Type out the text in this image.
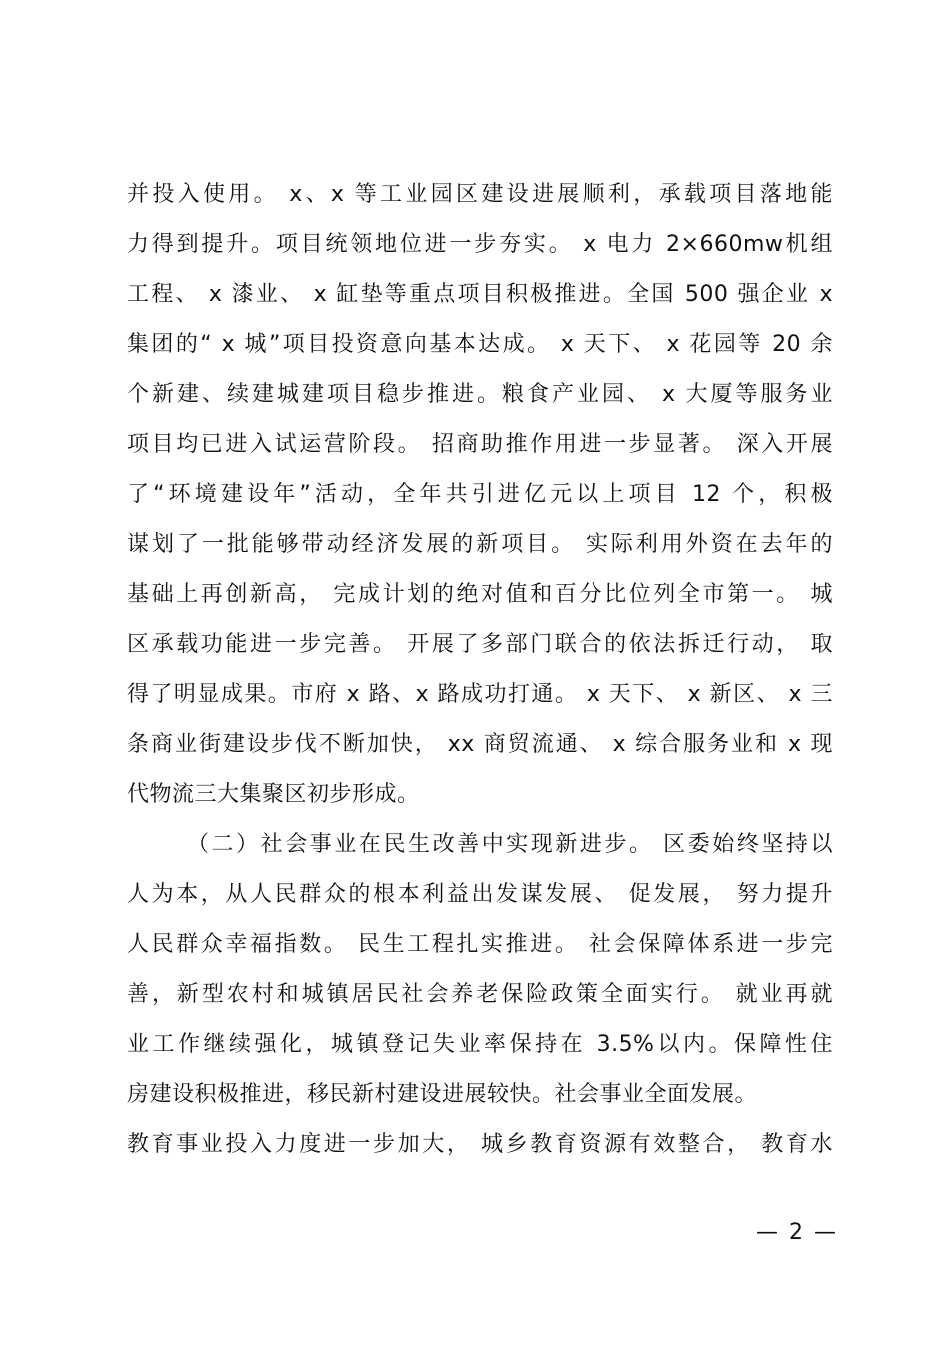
并投入使用。 x、x 等工业园区建设进展顺利，承载项目落地能
力得到提升。项目统领地位进一步夯实。 x 电力 2×660mw机组
工程、 x 漆业、 x 缸垫等重点项目积极推进。全国 500 强企业 x
集团的“ x 城”项目投资意向基本达成。 x 天下、 x 花园等 20 余
个新建、续建城建项目稳步推进。粮食产业园、 x 大厦等服务业
项目均已进入试运营阶段。 招商助推作用进一步显著。 深入开展
了“环境建设年”活动，全年共引进亿元以上项目 12 个，积极
谋划了一批能够带动经济发展的新项目。 实际利用外资在去年的
基础上再创新高， 完成计划的绝对值和百分比位列全市第一。 城
区承载功能进一步完善。 开展了多部门联合的依法拆迁行动， 取
得了明显成果。市府 x 路、x 路成功打通。 x 天下、 x 新区、 x 三
条商业街建设步伐不断加快， xx 商贸流通、 x 综合服务业和 x 现
代物流三大集聚区初步形成。
（二）社会事业在民生改善中实现新进步。 区委始终坚持以
人为本，从人民群众的根本利益出发谋发展、 促发展， 努力提升
人民群众幸福指数。 民生工程扎实推进。 社会保障体系进一步完
善，新型农村和城镇居民社会养老保险政策全面实行。 就业再就
业工作继续强化，城镇登记失业率保持在 3.5%以内。保障性住
房建设积极推进，移民新村建设进展较快。社会事业全面发展。
教育事业投入力度进一步加大， 城乡教育资源有效整合， 教育水
— 2 —
